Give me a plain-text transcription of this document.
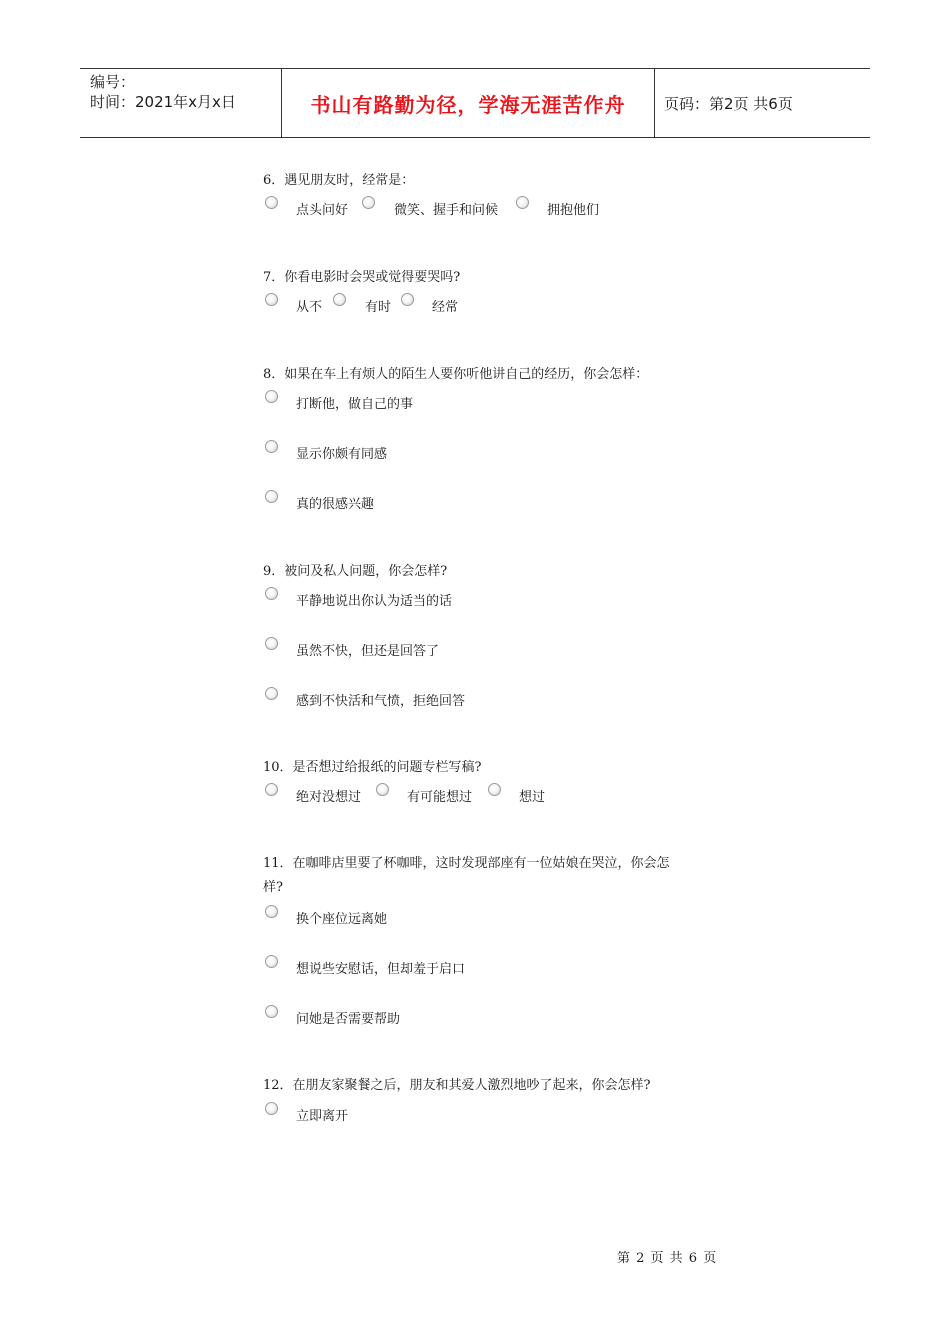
编号：
时间：2021年x月x日	书山有路勤为径，学海无涯苦作舟	页码：第2页 共6页
6．遇见朋友时，经常是：
点头问好	微笑、握手和问候	拥抱他们
7．你看电影时会哭或觉得要哭吗?
从不	有时	经常
8．如果在车上有烦人的陌生人要你听他讲自己的经历，你会怎样：
打断他，做自己的事
显示你颇有同感
真的很感兴趣
9．被问及私人问题，你会怎样?
平静地说出你认为适当的话
虽然不快，但还是回答了
感到不快活和气愤，拒绝回答
10．是否想过给报纸的问题专栏写稿?
绝对没想过	有可能想过	想过
11．在咖啡店里要了杯咖啡，这时发现部座有一位姑娘在哭泣，你会怎样?
换个座位远离她
想说些安慰话，但却羞于启口
问她是否需要帮助
12．在朋友家聚餐之后，朋友和其爱人激烈地吵了起来，你会怎样?
立即离开
第 2 页 共 6 页
